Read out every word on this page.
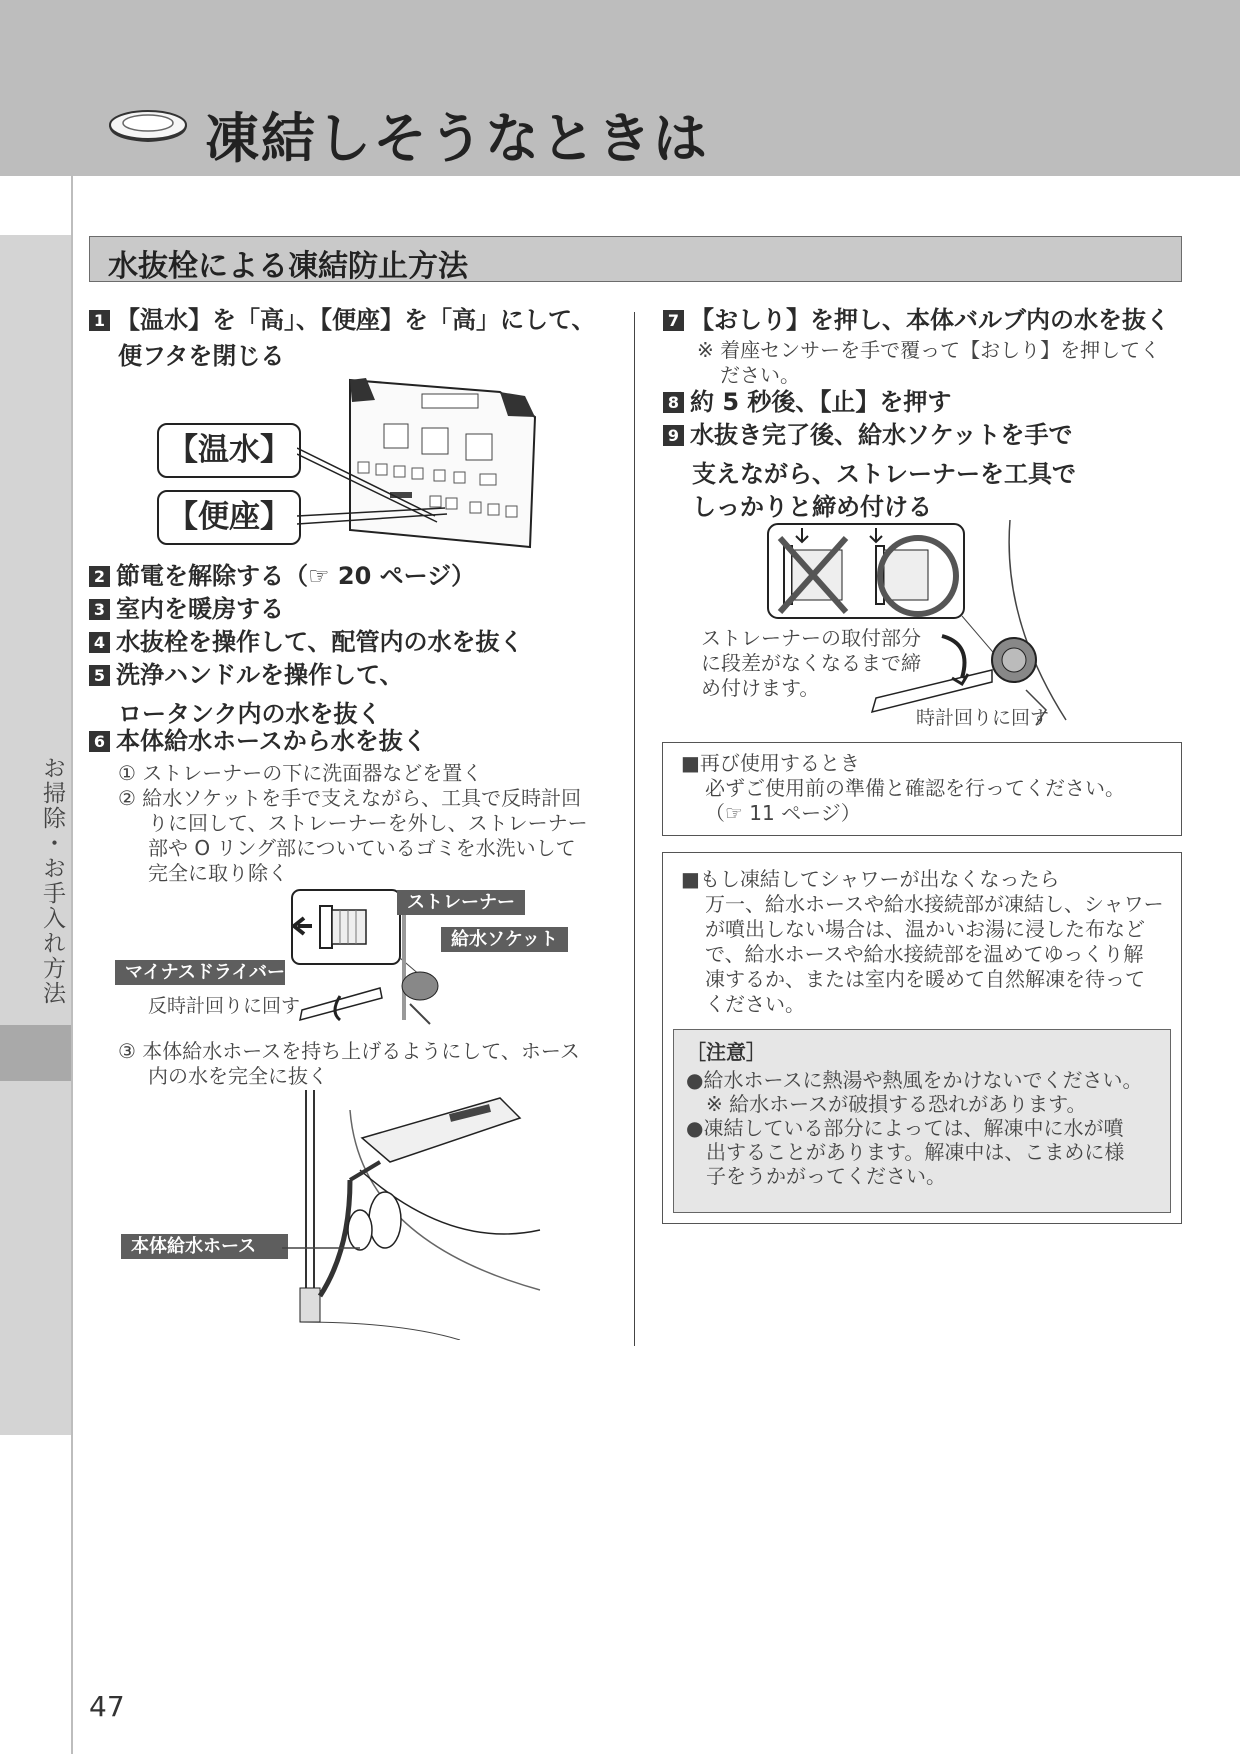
凍結しそうなときは
お掃除・お手入れ方法
水抜栓による凍結防止方法
1 【温水】を「高」、【便座】を「高」にして、
便フタを閉じる
【温水】
【便座】
2 節電を解除する（☞ 20 ページ）
3 室内を暖房する
4 水抜栓を操作して、配管内の水を抜く
5 洗浄ハンドルを操作して、
ロータンク内の水を抜く
6 本体給水ホースから水を抜く
① ストレーナーの下に洗面器などを置く
② 給水ソケットを手で支えながら、工具で反時計回
りに回して、ストレーナーを外し、ストレーナー
部や O リング部についているゴミを水洗いして
完全に取り除く
ストレーナー
給水ソケット
マイナスドライバー
反時計回りに回す
③ 本体給水ホースを持ち上げるようにして、ホース
内の水を完全に抜く
本体給水ホース
7 【おしり】を押し、本体バルブ内の水を抜く
※ 着座センサーを手で覆って【おしり】を押してく
ださい。
8 約 5 秒後、【止】を押す
9 水抜き完了後、給水ソケットを手で
支えながら、ストレーナーを工具で
しっかりと締め付ける
ストレーナーの取付部分
に段差がなくなるまで締
め付けます。
時計回りに回す
■再び使用するとき
必ずご使用前の準備と確認を行ってください。
（☞ 11 ページ）
■もし凍結してシャワーが出なくなったら
万一、給水ホースや給水接続部が凍結し、シャワー
が噴出しない場合は、温かいお湯に浸した布など
で、給水ホースや給水接続部を温めてゆっくり解
凍するか、または室内を暖めて自然解凍を待って
ください。
［注意］
●給水ホースに熱湯や熱風をかけないでください。
　※ 給水ホースが破損する恐れがあります。
●凍結している部分によっては、解凍中に水が噴
　出することがあります。解凍中は、こまめに様
　子をうかがってください。
47
